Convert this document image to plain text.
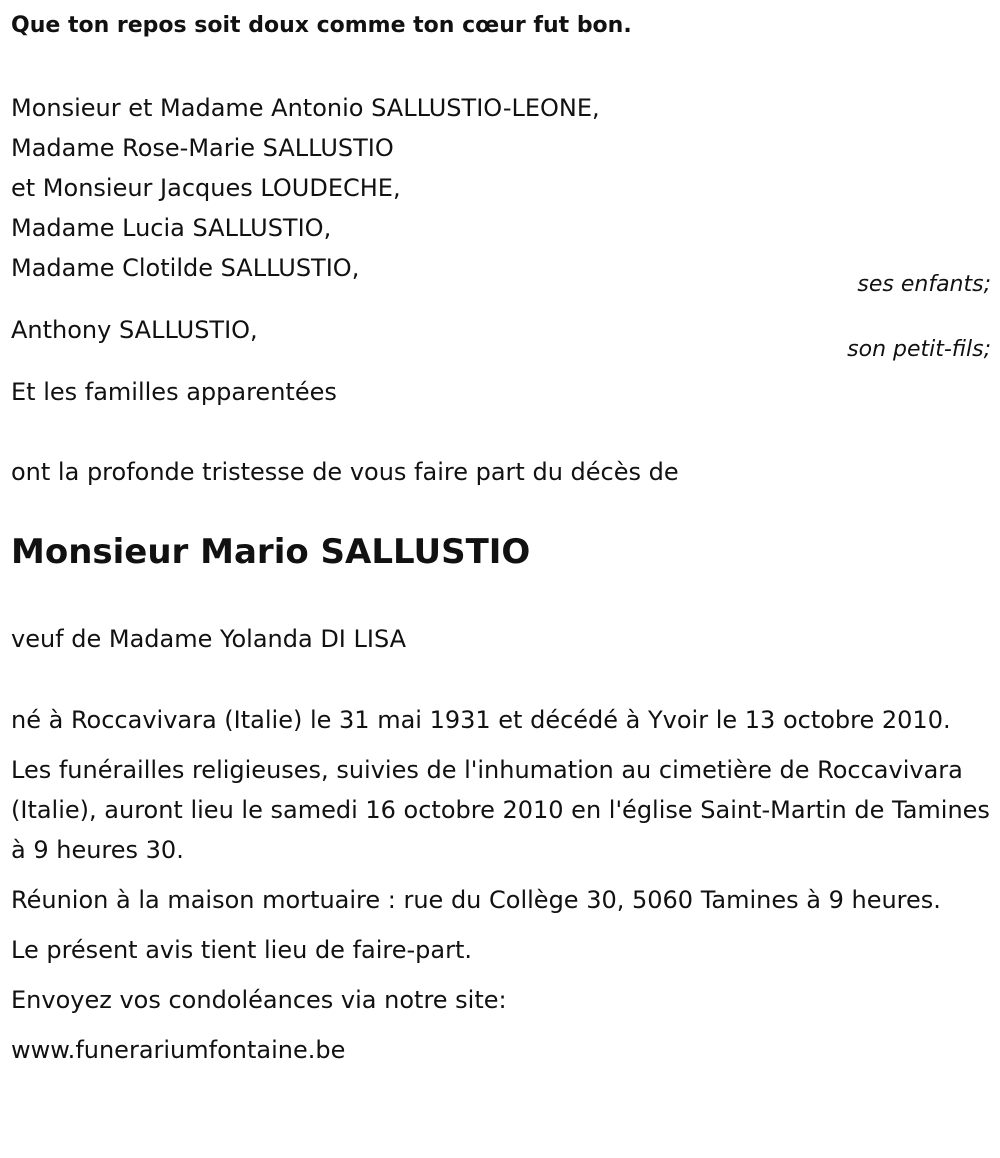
Que ton repos soit doux comme ton cœur fut bon.
Monsieur et Madame Antonio SALLUSTIO-LEONE,
Madame Rose-Marie SALLUSTIO
et Monsieur Jacques LOUDECHE,
Madame Lucia SALLUSTIO,
Madame Clotilde SALLUSTIO,
ses enfants;
Anthony SALLUSTIO,
son petit-fils;
Et les familles apparentées
ont la profonde tristesse de vous faire part du décès de
Monsieur Mario SALLUSTIO
veuf de Madame Yolanda DI LISA

né à Roccavivara (Italie) le 31 mai 1931 et décédé à Yvoir le 13 octobre 2010.

Les funérailles religieuses, suivies de l'inhumation au cimetière de Roccavivara (Italie), auront lieu le samedi 16 octobre 2010 en l'église Saint-Martin de Tamines à 9 heures 30.

Réunion à la maison mortuaire : rue du Collège 30, 5060 Tamines à 9 heures.

Le présent avis tient lieu de faire-part.

Envoyez vos condoléances via notre site:

www.funerariumfontaine.be
